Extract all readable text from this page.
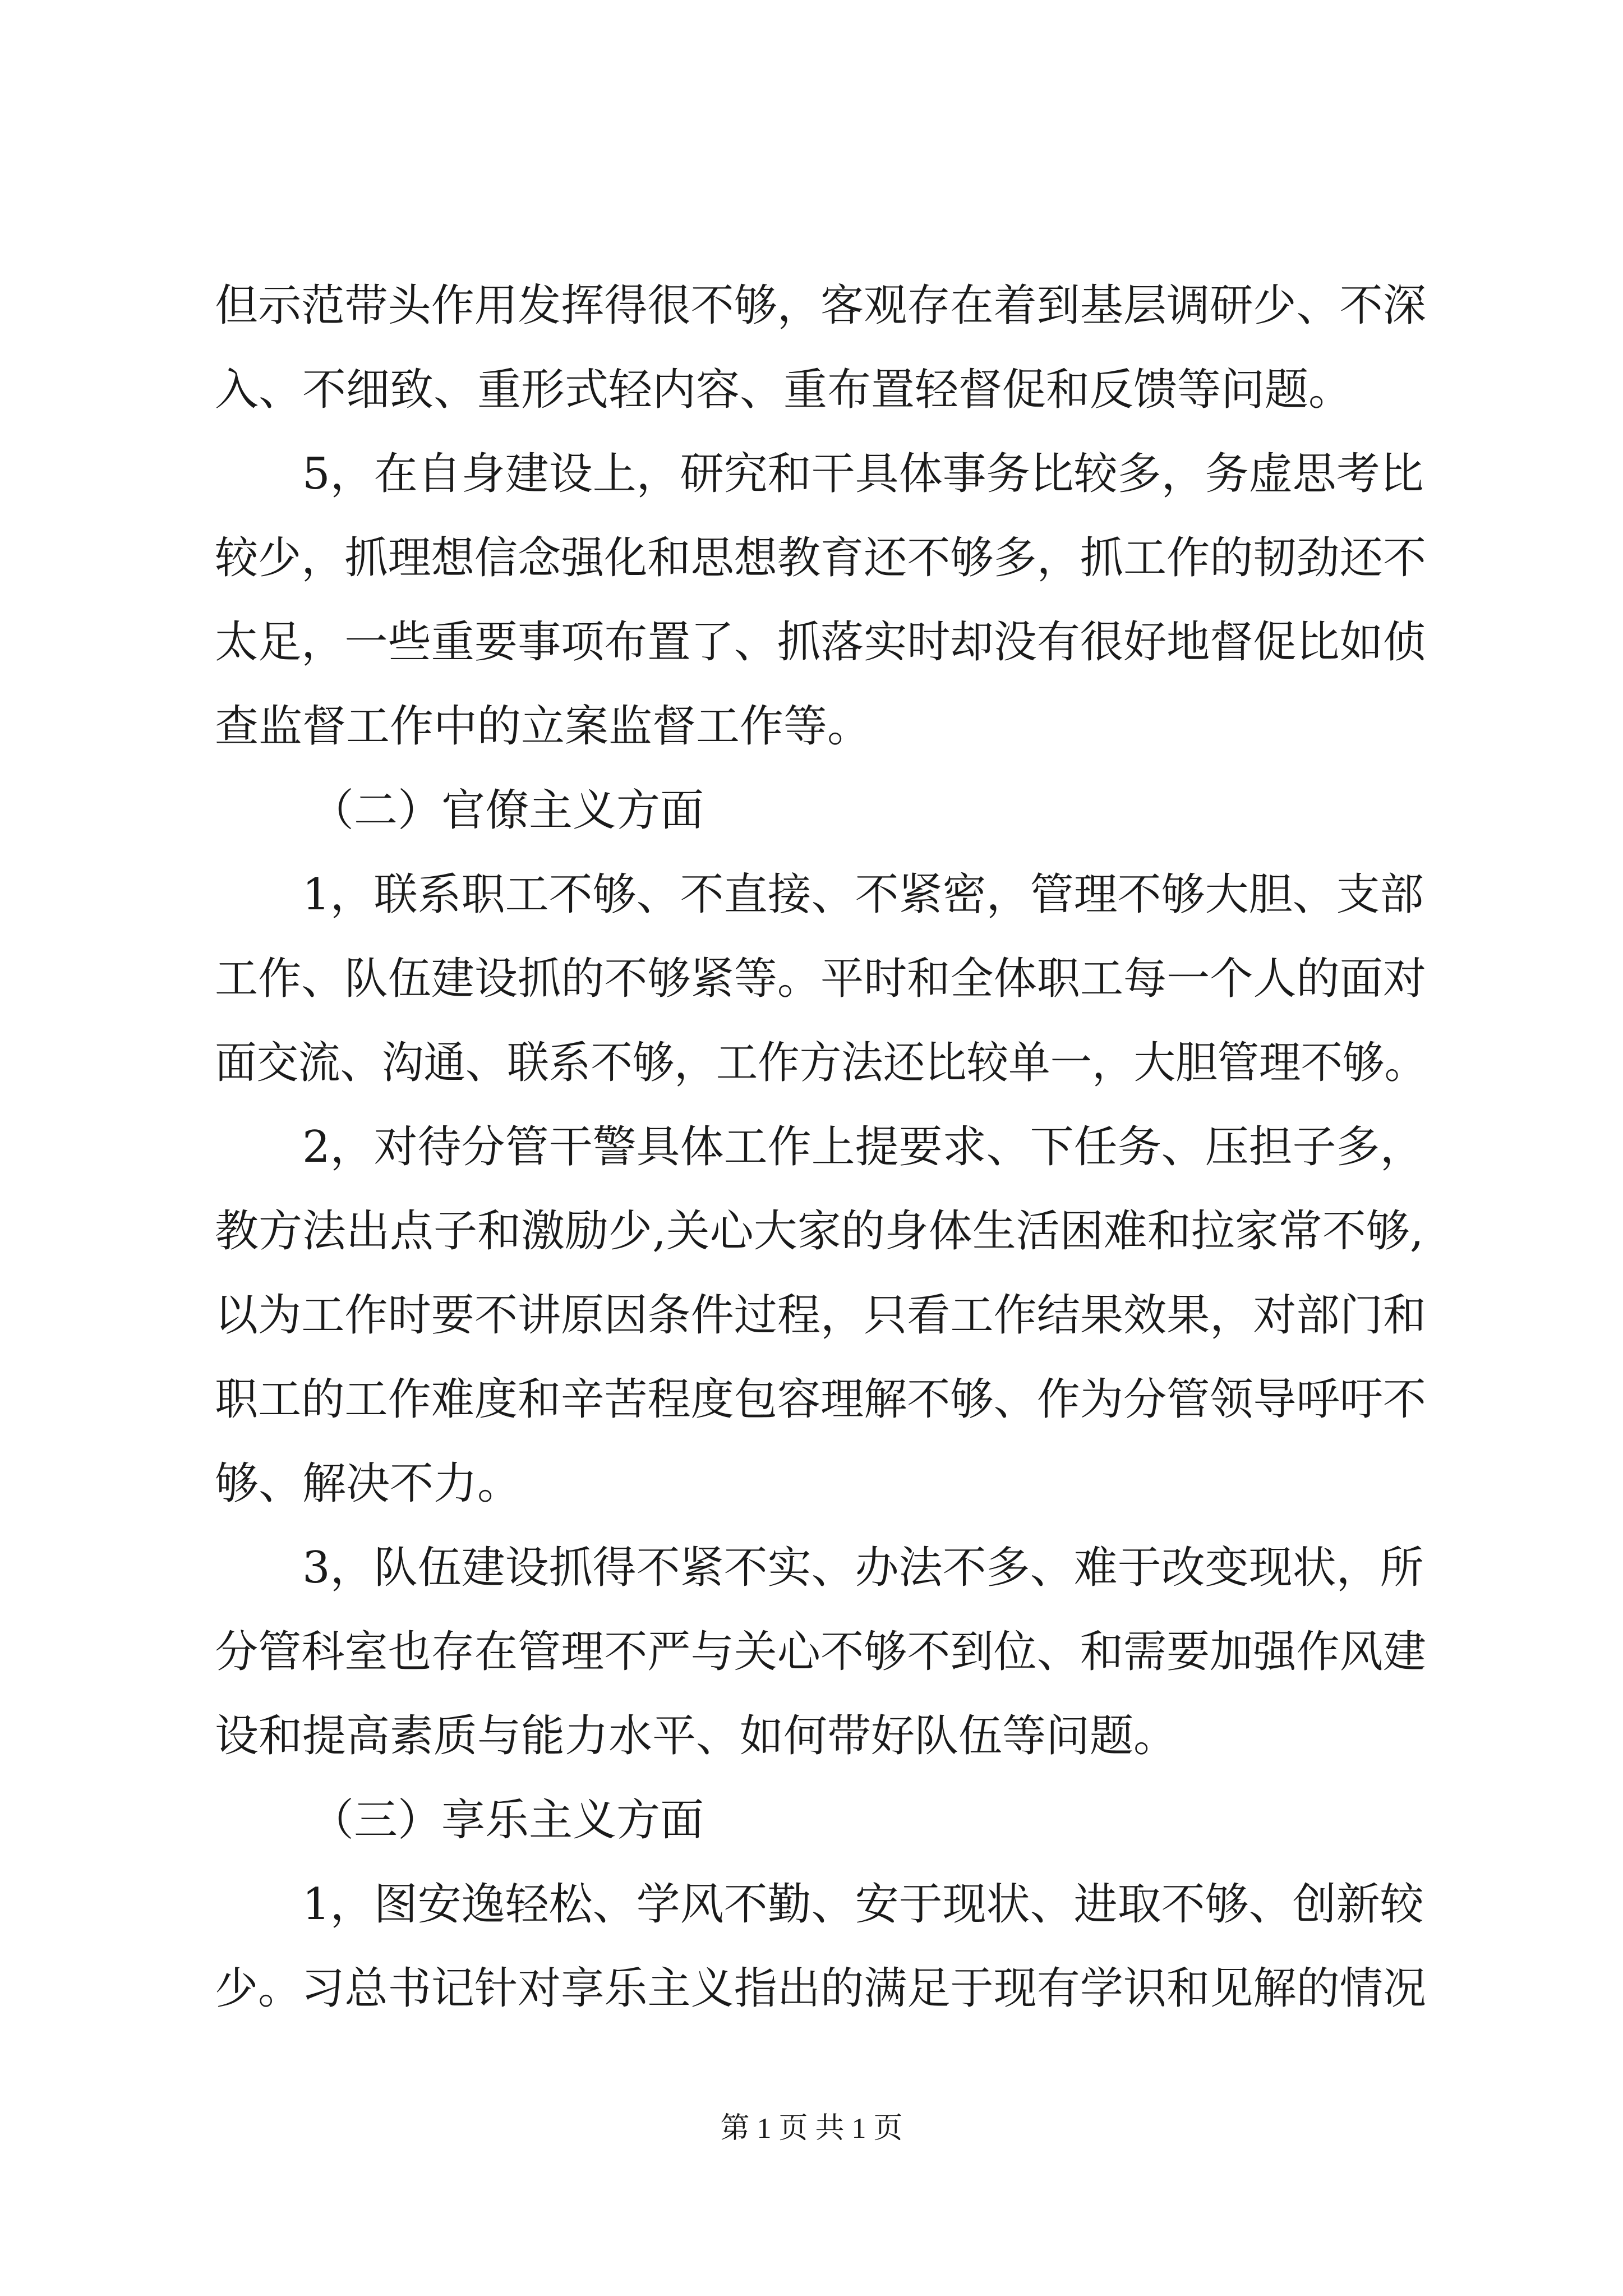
但示范带头作用发挥得很不够，客观存在着到基层调研少、不深
入、不细致、重形式轻内容、重布置轻督促和反馈等问题。
5，在自身建设上，研究和干具体事务比较多，务虚思考比
较少，抓理想信念强化和思想教育还不够多，抓工作的韧劲还不
太足，一些重要事项布置了、抓落实时却没有很好地督促比如侦
查监督工作中的立案监督工作等。
（二）官僚主义方面
1，联系职工不够、不直接、不紧密，管理不够大胆、支部
工作、队伍建设抓的不够紧等。平时和全体职工每一个人的面对
面交流、沟通、联系不够，工作方法还比较单一，大胆管理不够。
2，对待分管干警具体工作上提要求、下任务、压担子多，
教方法出点子和激励少,关心大家的身体生活困难和拉家常不够,
以为工作时要不讲原因条件过程，只看工作结果效果，对部门和
职工的工作难度和辛苦程度包容理解不够、作为分管领导呼吁不
够、解决不力。
3，队伍建设抓得不紧不实、办法不多、难于改变现状，所
分管科室也存在管理不严与关心不够不到位、和需要加强作风建
设和提高素质与能力水平、如何带好队伍等问题。
（三）享乐主义方面
1，图安逸轻松、学风不勤、安于现状、进取不够、创新较
少。习总书记针对享乐主义指出的满足于现有学识和见解的情况
第 1 页 共 1 页
